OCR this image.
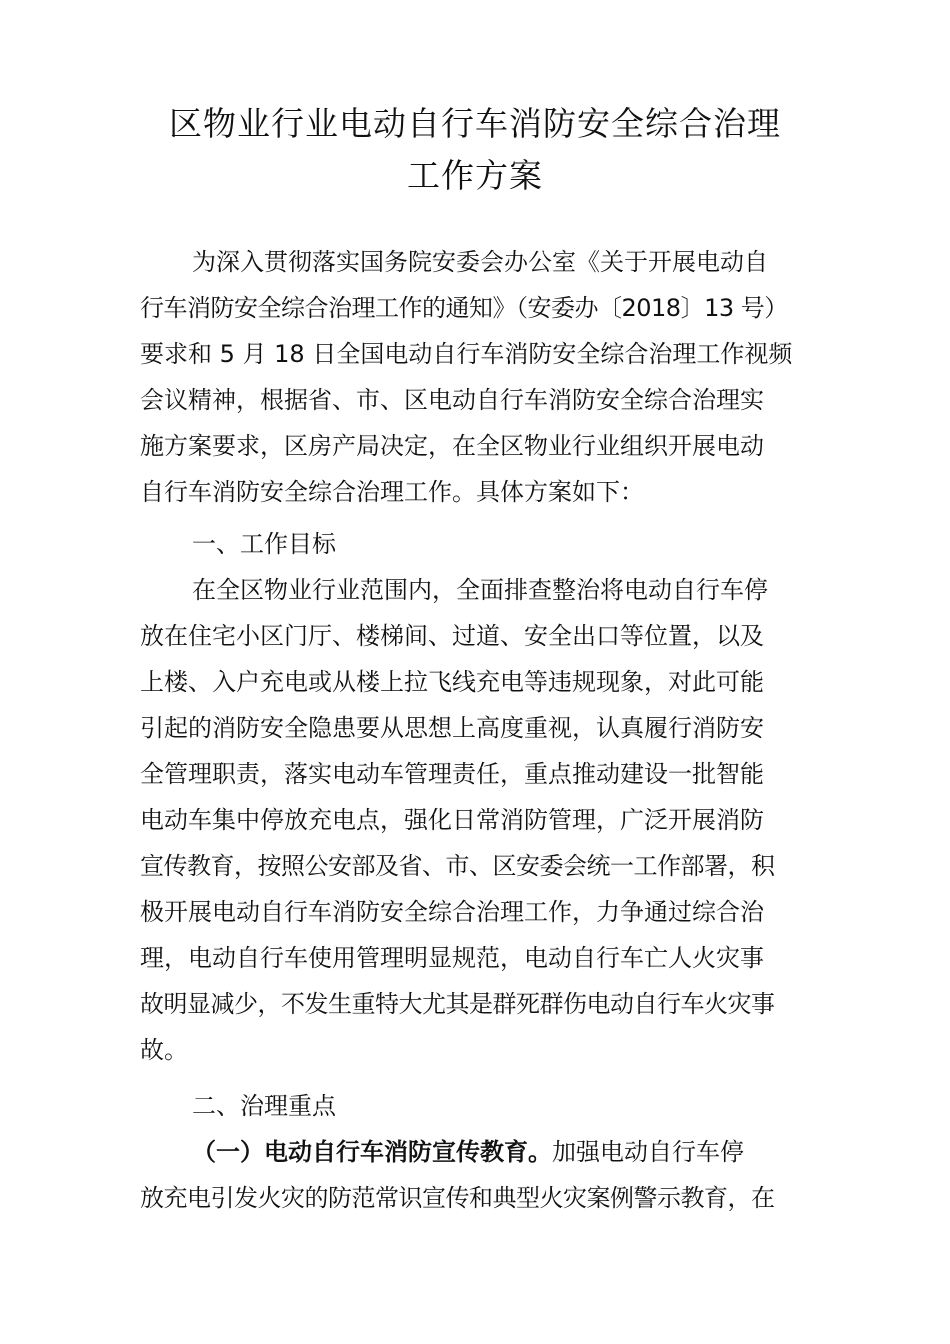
区物业行业电动自行车消防安全综合治理
工作方案
为深入贯彻落实国务院安委会办公室《关于开展电动自
行车消防安全综合治理工作的通知》（安委办〔2018〕13 号）
要求和 5 月 18 日全国电动自行车消防安全综合治理工作视频
会议精神，根据省、市、区电动自行车消防安全综合治理实
施方案要求，区房产局决定，在全区物业行业组织开展电动
自行车消防安全综合治理工作。具体方案如下：
一、工作目标
在全区物业行业范围内，全面排查整治将电动自行车停
放在住宅小区门厅、楼梯间、过道、安全出口等位置，以及
上楼、入户充电或从楼上拉飞线充电等违规现象，对此可能
引起的消防安全隐患要从思想上高度重视，认真履行消防安
全管理职责，落实电动车管理责任，重点推动建设一批智能
电动车集中停放充电点，强化日常消防管理，广泛开展消防
宣传教育，按照公安部及省、市、区安委会统一工作部署，积
极开展电动自行车消防安全综合治理工作，力争通过综合治
理，电动自行车使用管理明显规范，电动自行车亡人火灾事
故明显减少，不发生重特大尤其是群死群伤电动自行车火灾事
故。
二、治理重点
（一）电动自行车消防宣传教育。加强电动自行车停
放充电引发火灾的防范常识宣传和典型火灾案例警示教育，在
